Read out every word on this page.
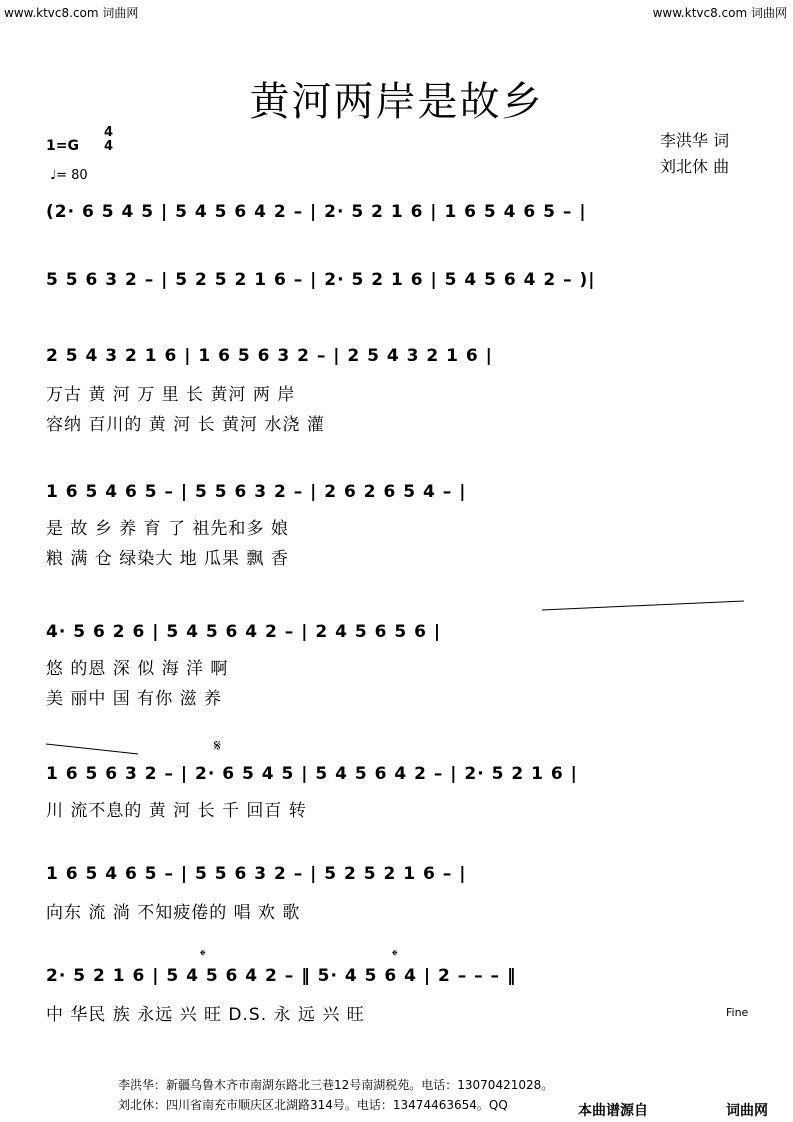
www.ktvc8.com 词曲网	www.ktvc8.com 词曲网
黄河两岸是故乡
1=G
4
4
♩= 80
李洪华 词
刘北休 曲
(2· 6 5 4 5 | 5 4 5 6 4 2 – | 2· 5 2 1 6 | 1 6 5 4 6 5 – |
5 5 6 3 2 – | 5 2 5 2 1 6 – | 2· 5 2 1 6 | 5 4 5 6 4 2 – )|
2 5 4 3 2 1 6 | 1 6 5 6 3 2 – | 2 5 4 3 2 1 6 |
万古 黄 河 万 里 长 黄河 两 岸
容纳 百川的 黄 河 长 黄河 水浇 灌
1 6 5 4 6 5 – | 5 5 6 3 2 – | 2 6 2 6 5 4 – |
是 故 乡 养 育 了 祖先和多 娘
粮 满 仓 绿染大 地 瓜果 飘 香
4· 5 6 2 6 | 5 4 5 6 4 2 – | 2 4 5 6 5 6 |
悠 的恩 深 似 海 洋 啊
美 丽中 国 有你 滋 养
𝄋
1 6 5 6 3 2 – | 2· 6 5 4 5 | 5 4 5 6 4 2 – | 2· 5 2 1 6 |
川 流不息的 黄 河 长 千 回百 转
1 6 5 4 6 5 – | 5 5 6 3 2 – | 5 2 5 2 1 6 – |
向东 流 淌 不知疲倦的 唱 欢 歌
𝄌	𝄌
2· 5 2 1 6 | 5 4 5 6 4 2 – ‖ 5· 4 5 6 4 | 2 – – – ‖
中 华民 族 永远 兴 旺 D.S. 永 远 兴 旺	Fine
李洪华：新疆乌鲁木齐市南湖东路北三巷12号南湖税苑。电话：13070421028。
刘北休：四川省南充市顺庆区北湖路314号。电话：13474463654。QQ	本曲谱源自	词曲网
